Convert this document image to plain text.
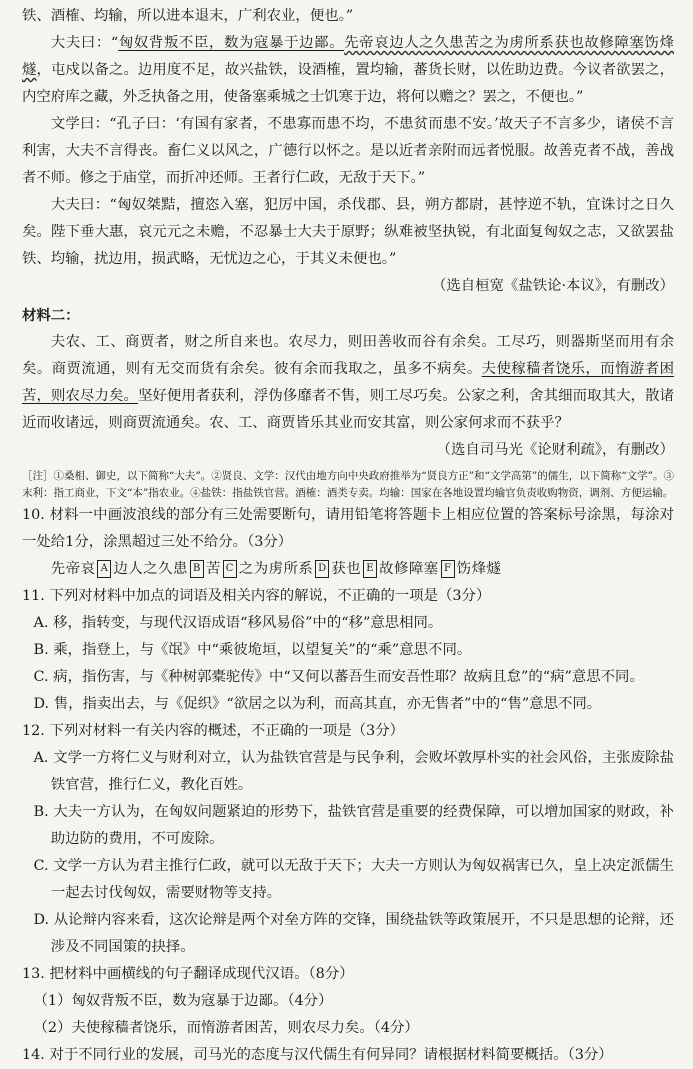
铁、酒榷、均输，所以进本退末，广利农业，便也。”

大夫曰：“匈奴背叛不臣，数为寇暴于边鄙。先帝哀边人之久患苦之为虏所系获也故修障塞饬烽燧，屯戍以备之。边用度不足，故兴盐铁，设酒榷，置均输，蕃货长财，以佐助边费。今议者欲罢之，内空府库之藏，外乏执备之用，使备塞乘城之士饥寒于边，将何以赡之？罢之，不便也。”

文学曰：“孔子曰：‘有国有家者，不患寡而患不均，不患贫而患不安。’故天子不言多少，诸侯不言利害，大夫不言得丧。畜仁义以风之，广德行以怀之。是以近者亲附而远者悦服。故善克者不战，善战者不师。修之于庙堂，而折冲还师。王者行仁政，无敌于天下。”

大夫曰：“匈奴桀黠，擅恣入塞，犯厉中国，杀伐郡、县，朔方都尉，甚悖逆不轨，宜诛讨之日久矣。陛下垂大惠，哀元元之未赡，不忍暴士大夫于原野；纵难被坚执锐，有北面复匈奴之志，又欲罢盐铁、均输，扰边用，损武略，无忧边之心，于其义未便也。”

（选自桓宽《盐铁论·本议》，有删改）

材料二：

夫农、工、商贾者，财之所自来也。农尽力，则田善收而谷有余矣。工尽巧，则器斯坚而用有余矣。商贾流通，则有无交而货有余矣。彼有余而我取之，虽多不病矣。夫使稼穑者饶乐，而惰游者困苦，则农尽力矣。坚好便用者获利，浮伪侈靡者不售，则工尽巧矣。公家之利，舍其细而取其大，散诸近而收诸远，则商贾流通矣。农、工、商贾皆乐其业而安其富，则公家何求而不获乎？

（选自司马光《论财利疏》，有删改）

［注］①桑相、御史，以下简称“大夫”。②贤良、文学：汉代由地方向中央政府推举为“贤良方正”和“文学高第”的儒生，以下简称“文学”。③末利：指工商业，下文“本”指农业。④盐铁：指盐铁官营。酒榷：酒类专卖。均输：国家在各地设置均输官负责收购物资，调剂、方便运输。

10. 材料一中画波浪线的部分有三处需要断句，请用铅笔将答题卡上相应位置的答案标号涂黑，每涂对一处给1分，涂黑超过三处不给分。（3分）

先帝哀 A 边人之久患 B 苦 C 之为虏所系 D 获也 E 故修障塞 F 饬烽燧

11. 下列对材料中加点的词语及相关内容的解说，不正确的一项是（3分）

A. 移，指转变，与现代汉语成语“移风易俗”中的“移”意思相同。

B. 乘，指登上，与《氓》中“乘彼垝垣，以望复关”的“乘”意思不同。

C. 病，指伤害，与《种树郭橐驼传》中“又何以蕃吾生而安吾性耶？故病且怠”的“病”意思不同。

D. 售，指卖出去，与《促织》“欲居之以为利，而高其直，亦无售者”中的“售”意思不同。

12. 下列对材料一有关内容的概述，不正确的一项是（3分）

A. 文学一方将仁义与财利对立，认为盐铁官营是与民争利，会败坏敦厚朴实的社会风俗，主张废除盐铁官营，推行仁义，教化百姓。

B. 大夫一方认为，在匈奴问题紧迫的形势下，盐铁官营是重要的经费保障，可以增加国家的财政，补助边防的费用，不可废除。

C. 文学一方认为君主推行仁政，就可以无敌于天下；大夫一方则认为匈奴祸害已久，皇上决定派儒生一起去讨伐匈奴，需要财物等支持。

D. 从论辩内容来看，这次论辩是两个对垒方阵的交锋，围绕盐铁等政策展开，不只是思想的论辩，还涉及不同国策的抉择。

13. 把材料中画横线的句子翻译成现代汉语。（8分）

（1）匈奴背叛不臣，数为寇暴于边鄙。（4分）

（2）夫使稼穑者饶乐，而惰游者困苦，则农尽力矣。（4分）

14. 对于不同行业的发展，司马光的态度与汉代儒生有何异同？请根据材料简要概括。（3分）
